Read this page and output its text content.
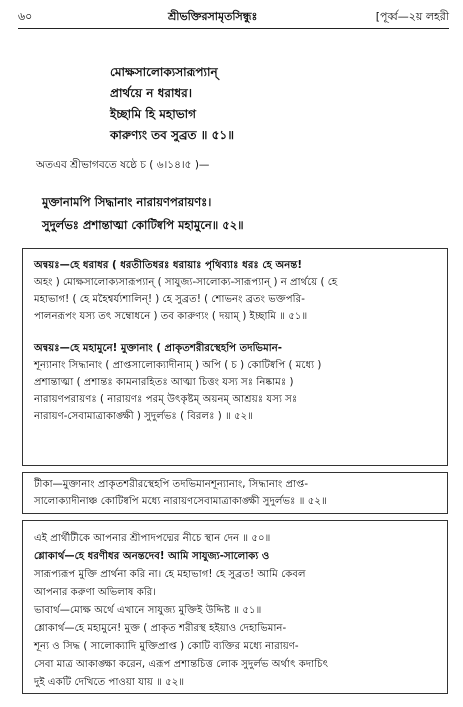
৬০	শ্রীভক্তিরসামৃতসিন্ধুঃ	[পূর্ব্ব—২য় লহরী
মোক্ষসালোক্যসারূপ্যান্
প্রার্থয়ে ন ধরাধর।
ইচ্ছামি হি মহাভাগ
কারুণ্যং তব সুব্রত ॥ ৫১॥
অতএব শ্রীভাগবতে ষষ্ঠে চ ( ৬।১৪।৫ )—
মুক্তানামপি সিদ্ধানাং নারায়ণপরায়ণঃ।
সুদুর্লভঃ প্রশান্তাত্মা কোটিষ্বপি মহামুনে॥ ৫২॥
অন্বয়ঃ—হে ধরাধর ( ধরতীতিধরঃ ধরায়াঃ পৃথিব্যাঃ ধরঃ হে অনন্ত!
অহং ) মোক্ষসালোক্যসারূপ্যান্ ( সাযুজ্য-সালোক্য-সারূপ্যান্ ) ন প্রার্থয়ে ( হে
মহাভাগ! ( হে মহৈশ্বর্য্যশালিন্! ) হে সুব্রত! ( শোভনং ব্রতং ভক্তপরি-
পালনরূপং যস্য তৎ সম্বোধনে ) তব কারুণ্যং ( দয়াম্ ) ইচ্ছামি ॥ ৫১॥
অন্বয়ঃ—হে মহামুনে! মুক্তানাং ( প্রাকৃতশরীরস্থেহপি তদভিমান-
শূন্যানাং সিদ্ধানাং ( প্রাপ্তসালোক্যাদীনাম্ ) অপি ( চ ) কোটিষ্বপি ( মধ্যে )
প্রশান্তাত্মা ( প্রশান্তঃ কামনারহিতঃ আত্মা চিত্তং যস্য সঃ নিষ্কামঃ )
নারায়ণপরায়ণঃ ( নারায়ণঃ পরম্ উৎকৃষ্টম্ অয়নম্ আশ্রয়ঃ যস্য সঃ
নারায়ণ-সেবামাত্রাকাঙ্ক্ষী ) সুদুর্লভঃ ( বিরলঃ ) ॥ ৫২॥
টীকা—মুক্তানাং প্রাকৃতশরীরস্থেহপি তদভিমানশূন্যানাং, সিদ্ধানাং প্রাপ্ত-
সালোক্যাদীনাঞ্চ কোটিষ্বপি মধ্যে নারায়ণসেবামাত্রাকাঙ্ক্ষী সুদুর্লভঃ ॥ ৫২॥
এই প্রার্থীটীকে আপনার শ্রীপাদপদ্মের নীচে স্থান দেন ॥ ৫০॥
শ্লোকার্থ—হে ধরণীধর অনন্তদেব! আমি সাযুজ্য-সালোক্য ও
সারূপ্যরূপ মুক্তি প্রার্থনা করি না। হে মহাভাগ! হে সুব্রত! আমি কেবল
আপনার করুণা অভিলাষ করি।
ভাবার্থ—মোক্ষ অর্থে এখানে সাযুজ্য মুক্তিই উদ্দিষ্ট ॥ ৫১॥
শ্লোকার্থ—হে মহামুনে! মুক্ত ( প্রাকৃত শরীরস্থ হইয়াও দেহাভিমান-
শূন্য ও সিদ্ধ ( সালোক্যাদি মুক্তিপ্রাপ্ত ) কোটি ব্যক্তির মধ্যে নারায়ণ-
সেবা মাত্র আকাঙ্ক্ষা করেন, এরূপ প্রশান্তচিত্ত লোক সুদুর্লভ অর্থাৎ কদাচিৎ
দুই একটি দেখিতে পাওয়া যায় ॥ ৫২॥
